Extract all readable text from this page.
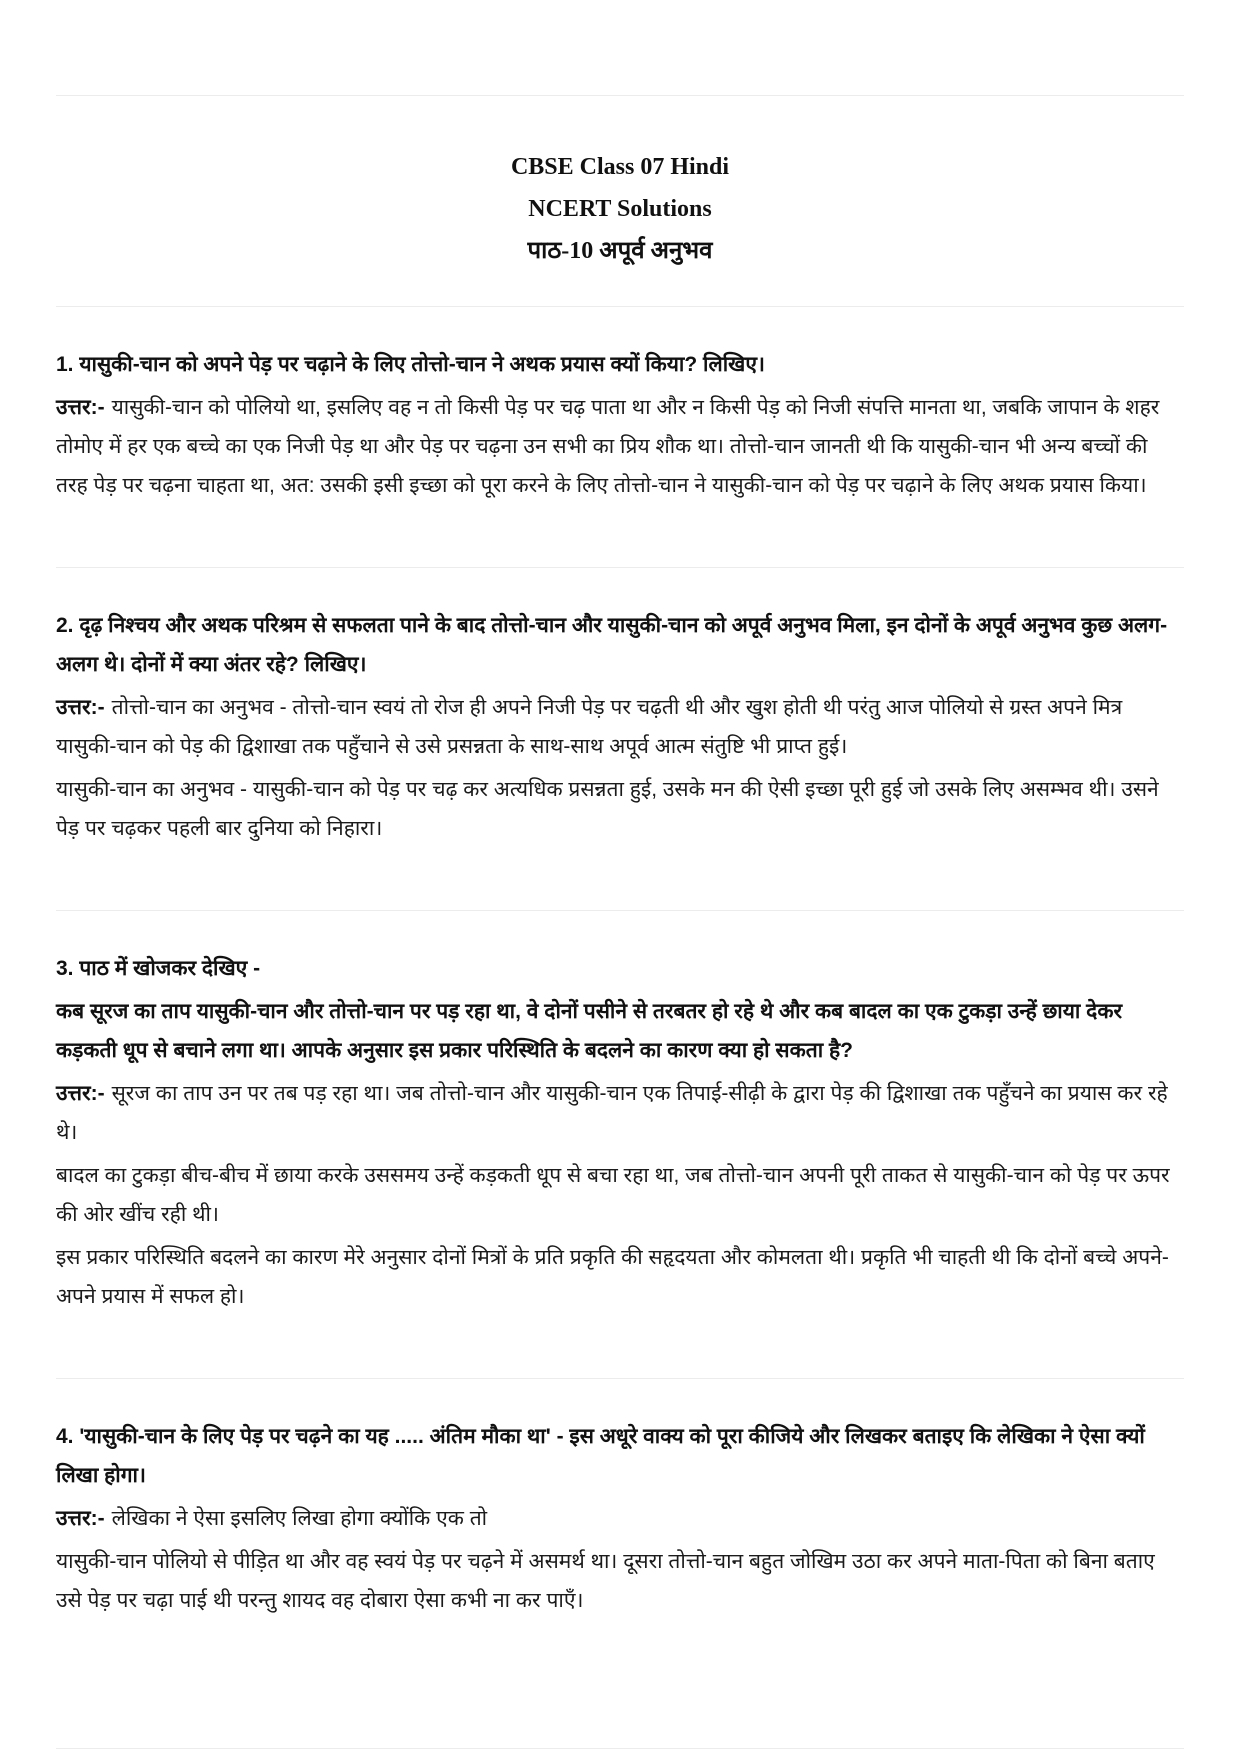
CBSE Class 07 Hindi

NCERT Solutions

पाठ-10 अपूर्व अनुभव

1. यासुकी-चान को अपने पेड़ पर चढ़ाने के लिए तोत्तो-चान ने अथक प्रयास क्यों किया? लिखिए।

उत्तर:- यासुकी-चान को पोलियो था, इसलिए वह न तो किसी पेड़ पर चढ़ पाता था और न किसी पेड़ को निजी संपत्ति मानता था, जबकि जापान के शहर तोमोए में हर एक बच्चे का एक निजी पेड़ था और पेड़ पर चढ़ना उन सभी का प्रिय शौक था। तोत्तो-चान जानती थी कि यासुकी-चान भी अन्य बच्चों की तरह पेड़ पर चढ़ना चाहता था, अत: उसकी इसी इच्छा को पूरा करने के लिए तोत्तो-चान ने यासुकी-चान को पेड़ पर चढ़ाने के लिए अथक प्रयास किया।

2. दृढ़ निश्चय और अथक परिश्रम से सफलता पाने के बाद तोत्तो-चान और यासुकी-चान को अपूर्व अनुभव मिला, इन दोनों के अपूर्व अनुभव कुछ अलग-अलग थे। दोनों में क्या अंतर रहे? लिखिए।

उत्तर:- तोत्तो-चान का अनुभव - तोत्तो-चान स्वयं तो रोज ही अपने निजी पेड़ पर चढ़ती थी और खुश होती थी परंतु आज पोलियो से ग्रस्त अपने मित्र यासुकी-चान को पेड़ की द्विशाखा तक पहुँचाने से उसे प्रसन्नता के साथ-साथ अपूर्व आत्म संतुष्टि भी प्राप्त हुई।

यासुकी-चान का अनुभव - यासुकी-चान को पेड़ पर चढ़ कर अत्यधिक प्रसन्नता हुई, उसके मन की ऐसी इच्छा पूरी हुई जो उसके लिए असम्भव थी। उसने पेड़ पर चढ़कर पहली बार दुनिया को निहारा।

3. पाठ में खोजकर देखिए -

कब सूरज का ताप यासुकी-चान और तोत्तो-चान पर पड़ रहा था, वे दोनों पसीने से तरबतर हो रहे थे और कब बादल का एक टुकड़ा उन्हें छाया देकर कड़कती धूप से बचाने लगा था। आपके अनुसार इस प्रकार परिस्थिति के बदलने का कारण क्या हो सकता है?

उत्तर:- सूरज का ताप उन पर तब पड़ रहा था। जब तोत्तो-चान और यासुकी-चान एक तिपाई-सीढ़ी के द्वारा पेड़ की द्विशाखा तक पहुँचने का प्रयास कर रहे थे।

बादल का टुकड़ा बीच-बीच में छाया करके उससमय उन्हें कड़कती धूप से बचा रहा था, जब तोत्तो-चान अपनी पूरी ताकत से यासुकी-चान को पेड़ पर ऊपर की ओर खींच रही थी।

इस प्रकार परिस्थिति बदलने का कारण मेरे अनुसार दोनों मित्रों के प्रति प्रकृति की सहृदयता और कोमलता थी। प्रकृति भी चाहती थी कि दोनों बच्चे अपने-अपने प्रयास में सफल हो।

4. 'यासुकी-चान के लिए पेड़ पर चढ़ने का यह ..... अंतिम मौका था' - इस अधूरे वाक्य को पूरा कीजिये और लिखकर बताइए कि लेखिका ने ऐसा क्यों लिखा होगा।

उत्तर:- लेखिका ने ऐसा इसलिए लिखा होगा क्योंकि एक तो

यासुकी-चान पोलियो से पीड़ित था और वह स्वयं पेड़ पर चढ़ने में असमर्थ था। दूसरा तोत्तो-चान बहुत जोखिम उठा कर अपने माता-पिता को बिना बताए उसे पेड़ पर चढ़ा पाई थी परन्तु शायद वह दोबारा ऐसा कभी ना कर पाएँ।
